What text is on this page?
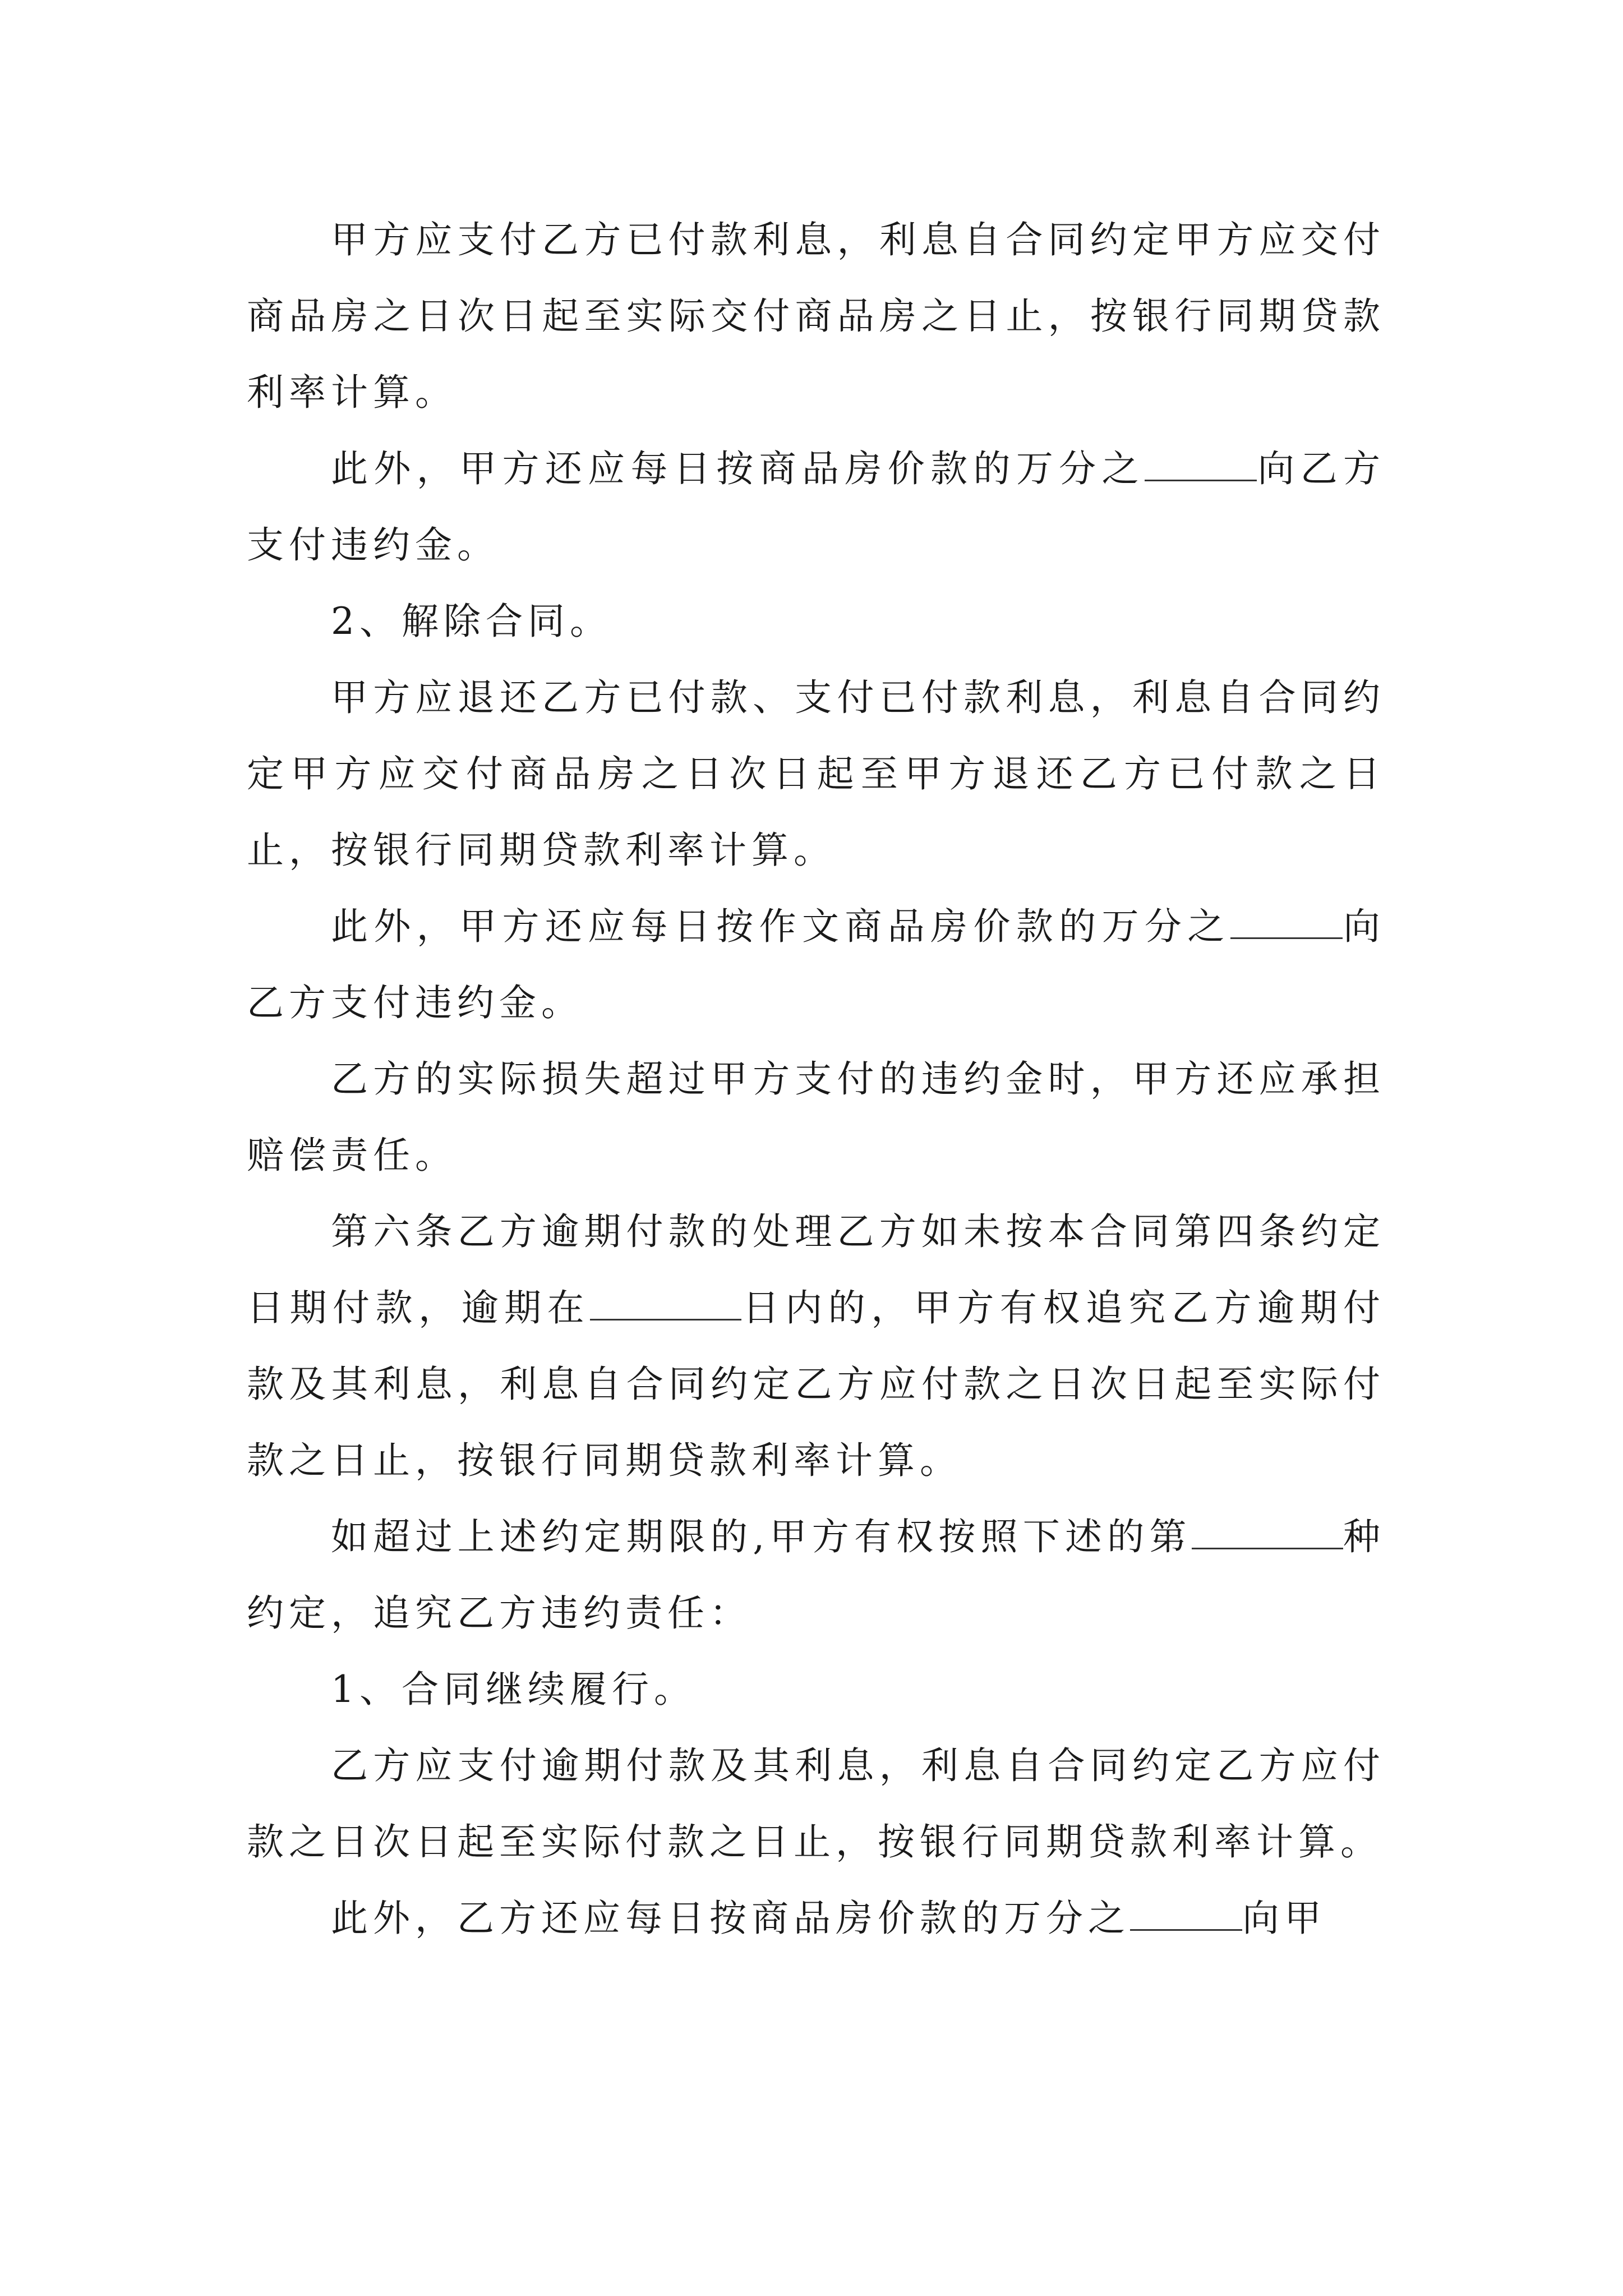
甲方应支付乙方已付款利息，利息自合同约定甲方应交付商品房之日次日起至实际交付商品房之日止，按银行同期贷款利率计算。

此外，甲方还应每日按商品房价款的万分之	向乙方支付违约金。

2、解除合同。

甲方应退还乙方已付款、支付已付款利息，利息自合同约定甲方应交付商品房之日次日起至甲方退还乙方已付款之日止，按银行同期贷款利率计算。

此外，甲方还应每日按作文商品房价款的万分之	向乙方支付违约金。

乙方的实际损失超过甲方支付的违约金时，甲方还应承担赔偿责任。

第六条乙方逾期付款的处理乙方如未按本合同第四条约定日期付款，逾期在	日内的，甲方有权追究乙方逾期付款及其利息，利息自合同约定乙方应付款之日次日起至实际付款之日止，按银行同期贷款利率计算。

如超过上述约定期限的,甲方有权按照下述的第	种约定，追究乙方违约责任：

1、合同继续履行。

乙方应支付逾期付款及其利息，利息自合同约定乙方应付款之日次日起至实际付款之日止，按银行同期贷款利率计算。

此外，乙方还应每日按商品房价款的万分之	向甲
